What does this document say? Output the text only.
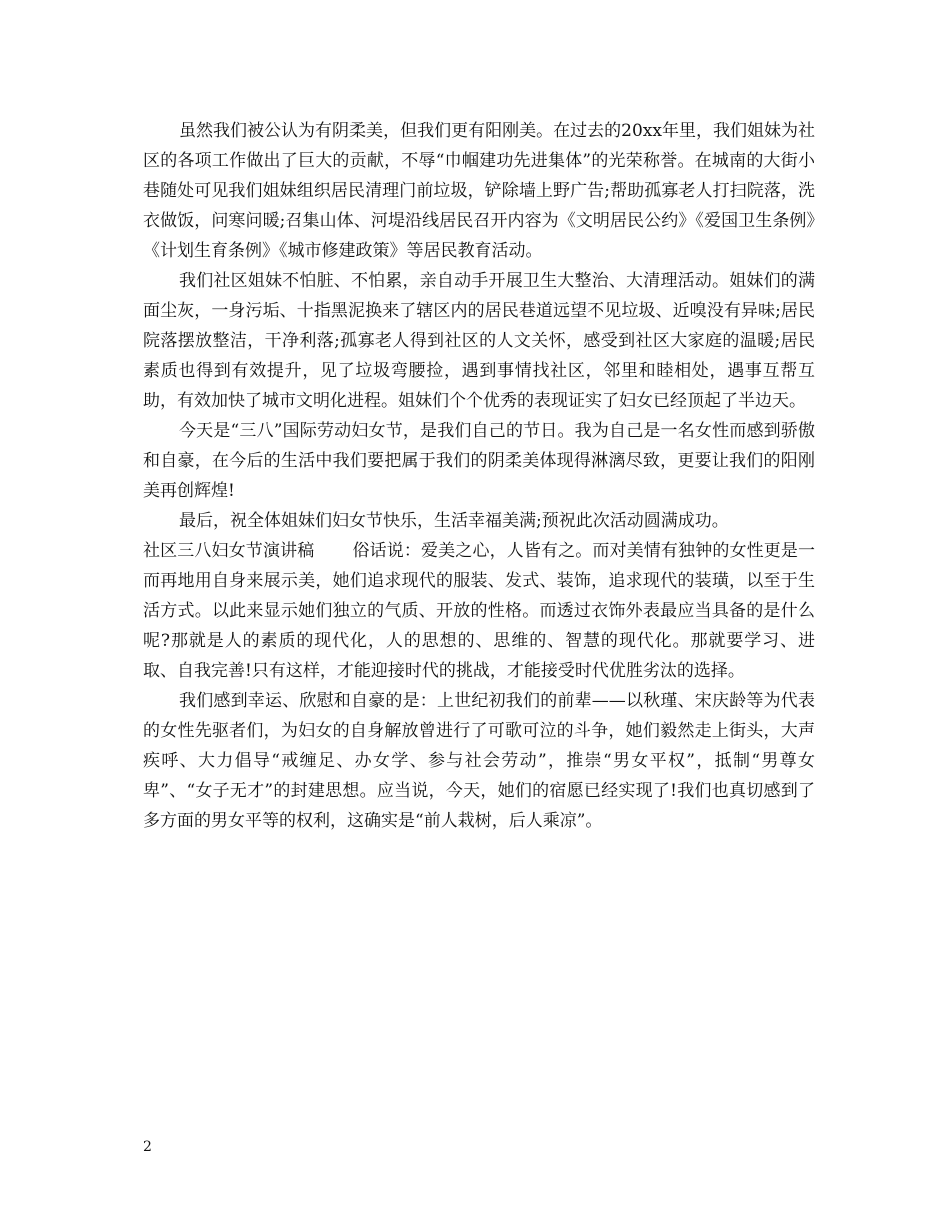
虽然我们被公认为有阴柔美，但我们更有阳刚美。在过去的20xx年里，我们姐妹为社区的各项工作做出了巨大的贡献，不辱“巾帼建功先进集体”的光荣称誉。在城南的大街小巷随处可见我们姐妹组织居民清理门前垃圾，铲除墙上野广告;帮助孤寡老人打扫院落，洗衣做饭，问寒问暖;召集山体、河堤沿线居民召开内容为《文明居民公约》《爱国卫生条例》《计划生育条例》《城市修建政策》等居民教育活动。

我们社区姐妹不怕脏、不怕累，亲自动手开展卫生大整治、大清理活动。姐妹们的满面尘灰，一身污垢、十指黑泥换来了辖区内的居民巷道远望不见垃圾、近嗅没有异味;居民院落摆放整洁，干净利落;孤寡老人得到社区的人文关怀，感受到社区大家庭的温暖;居民素质也得到有效提升，见了垃圾弯腰捡，遇到事情找社区，邻里和睦相处，遇事互帮互助，有效加快了城市文明化进程。姐妹们个个优秀的表现证实了妇女已经顶起了半边天。

今天是“三八”国际劳动妇女节，是我们自己的节日。我为自己是一名女性而感到骄傲和自豪，在今后的生活中我们要把属于我们的阴柔美体现得淋漓尽致，更要让我们的阳刚美再创辉煌!

最后，祝全体姐妹们妇女节快乐，生活幸福美满;预祝此次活动圆满成功。

社区三八妇女节演讲稿 俗话说：爱美之心，人皆有之。而对美情有独钟的女性更是一而再地用自身来展示美，她们追求现代的服装、发式、装饰，追求现代的装璜，以至于生活方式。以此来显示她们独立的气质、开放的性格。而透过衣饰外表最应当具备的是什么呢?那就是人的素质的现代化，人的思想的、思维的、智慧的现代化。那就要学习、进取、自我完善!只有这样，才能迎接时代的挑战，才能接受时代优胜劣汰的选择。

我们感到幸运、欣慰和自豪的是：上世纪初我们的前辈——以秋瑾、宋庆龄等为代表的女性先驱者们，为妇女的自身解放曾进行了可歌可泣的斗争，她们毅然走上街头，大声疾呼、大力倡导“戒缠足、办女学、参与社会劳动”，推崇“男女平权”，抵制“男尊女卑”、“女子无才”的封建思想。应当说，今天，她们的宿愿已经实现了!我们也真切感到了多方面的男女平等的权利，这确实是“前人栽树，后人乘凉”。

2
